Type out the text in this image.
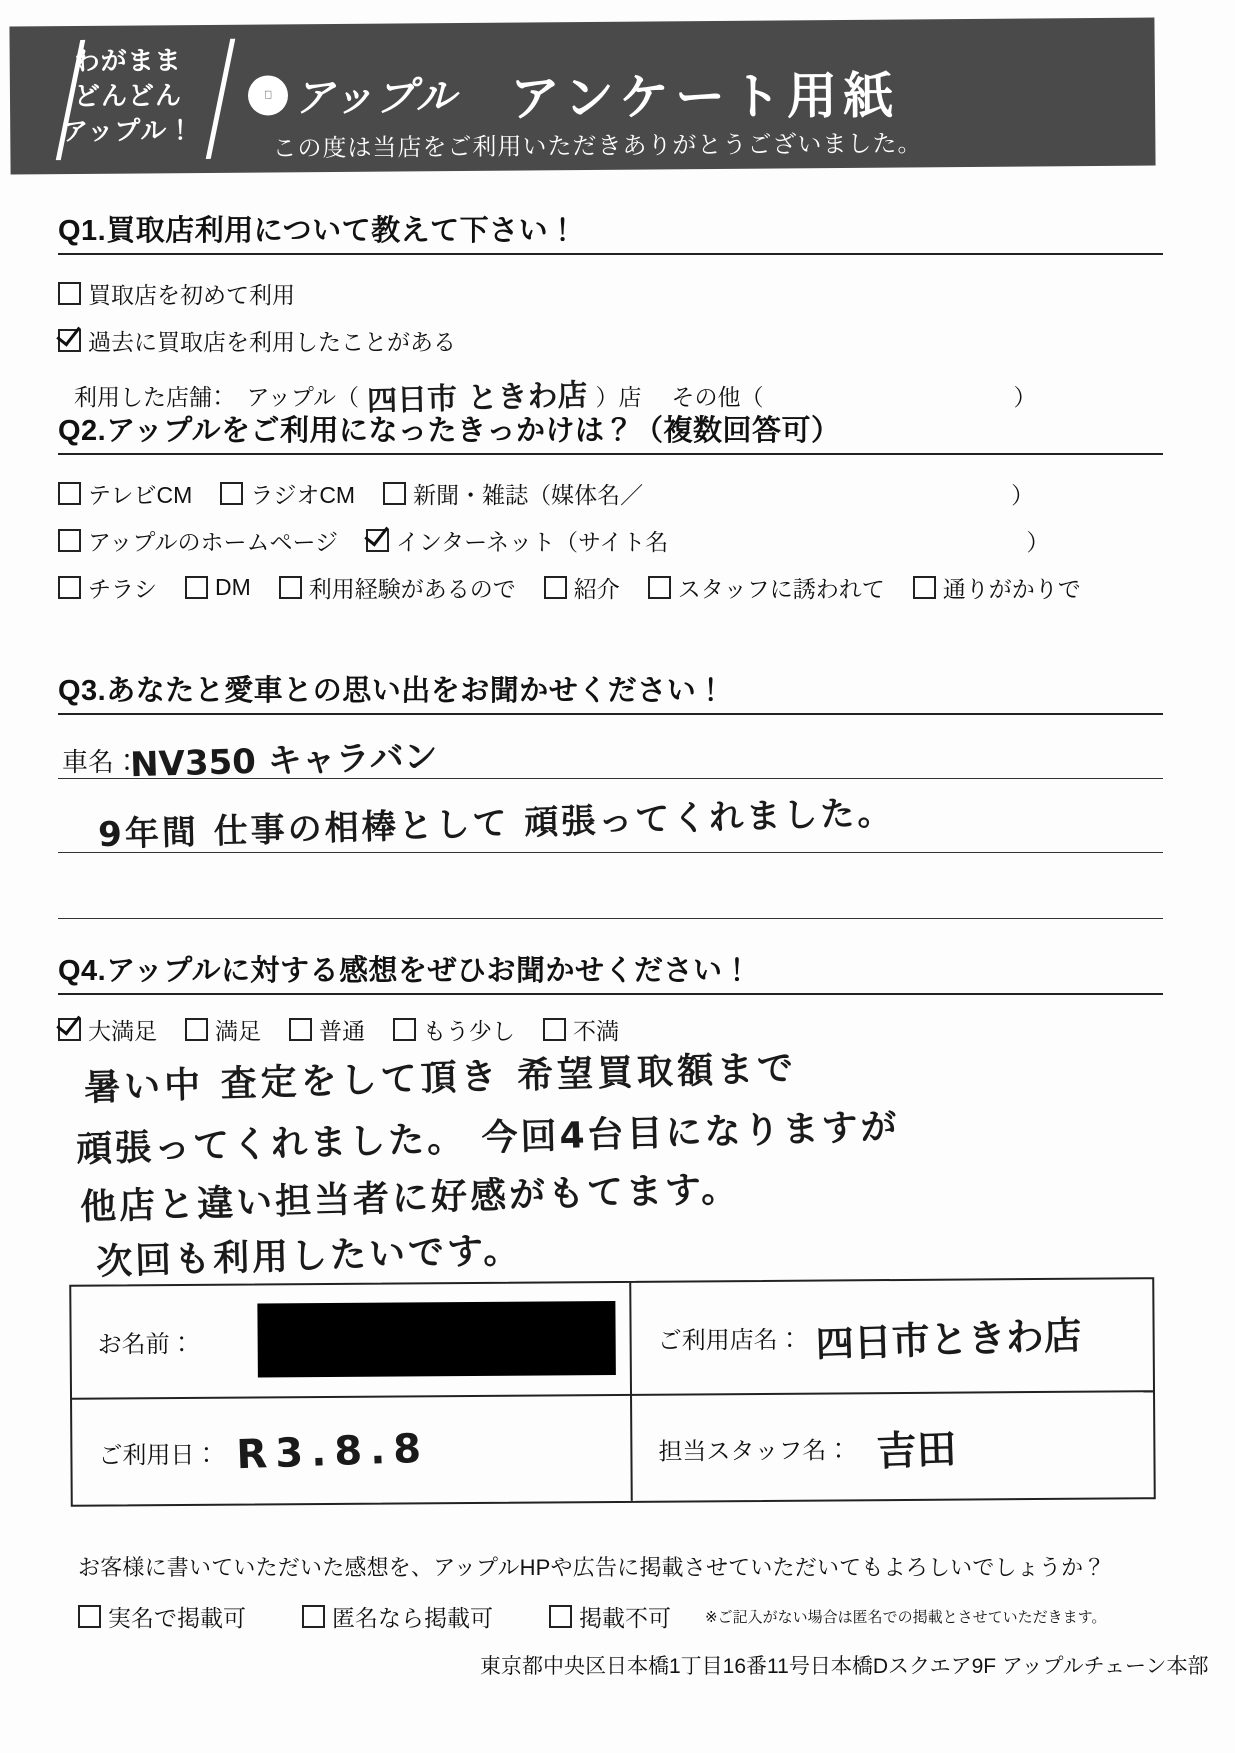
わがまま
どんどん
アップル！
アップル アンケート用紙
この度は当店をご利用いただきありがとうございました。
Q1.買取店利用について教えて下さい！
買取店を初めて利用
過去に買取店を利用したことがある
利用した店舗：　アップル（ 四日市 ときわ店 ）店 その他（	）
Q2.アップルをご利用になったきっかけは？（複数回答可）
テレビCM	ラジオCM	新聞・雑誌（媒体名／	）
アップルのホームページ	インターネット（サイト名	）
チラシ	DM	利用経験があるので	紹介	スタッフに誘われて	通りがかりで
Q3.あなたと愛車との思い出をお聞かせください！
車名：
NV350 キャラバン
9年間 仕事の相棒として 頑張ってくれました。
Q4.アップルに対する感想をぜひお聞かせください！
大満足	満足	普通	もう少し	不満
暑い中 査定をして頂き 希望買取額まで
頑張ってくれました。 今回4台目になりますが
他店と違い担当者に好感がもてます。
次回も利用したいです。
お名前：	ご利用店名： 四日市ときわ店
ご利用日： R3.8.8	担当スタッフ名： 吉田
お客様に書いていただいた感想を、アップルHPや広告に掲載させていただいてもよろしいでしょうか？
実名で掲載可	匿名なら掲載可	掲載不可 ※ご記入がない場合は匿名での掲載とさせていただきます。
東京都中央区日本橋1丁目16番11号日本橋Dスクエア9F アップルチェーン本部
